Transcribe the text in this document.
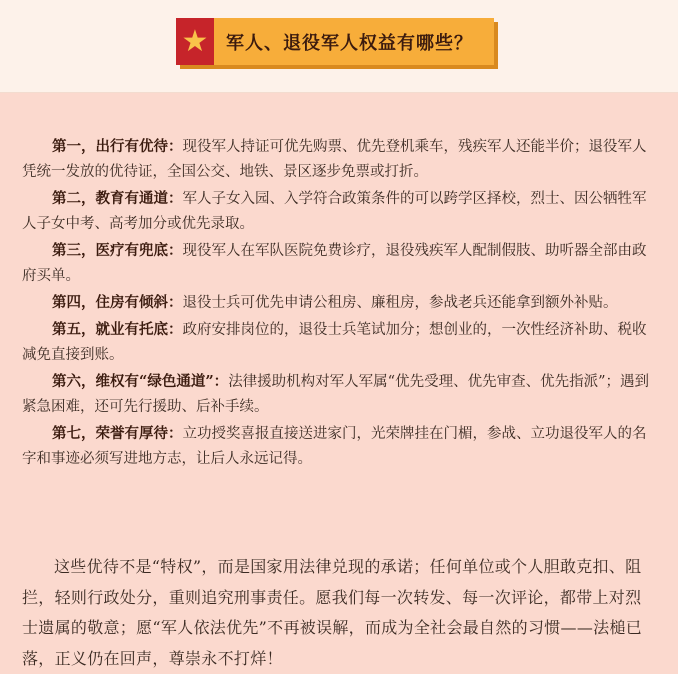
★ 军人、退役军人权益有哪些？

第一，出行有优待：现役军人持证可优先购票、优先登机乘车，残疾军人还能半价；退役军人凭统一发放的优待证，全国公交、地铁、景区逐步免票或打折。

第二，教育有通道：军人子女入园、入学符合政策条件的可以跨学区择校，烈士、因公牺牲军人子女中考、高考加分或优先录取。

第三，医疗有兜底：现役军人在军队医院免费诊疗，退役残疾军人配制假肢、助听器全部由政府买单。

第四，住房有倾斜：退役士兵可优先申请公租房、廉租房，参战老兵还能拿到额外补贴。

第五，就业有托底：政府安排岗位的，退役士兵笔试加分；想创业的，一次性经济补助、税收减免直接到账。

第六，维权有“绿色通道”：法律援助机构对军人军属“优先受理、优先审查、优先指派”；遇到紧急困难，还可先行援助、后补手续。

第七，荣誉有厚待：立功授奖喜报直接送进家门，光荣牌挂在门楣，参战、立功退役军人的名字和事迹必须写进地方志，让后人永远记得。

这些优待不是“特权”，而是国家用法律兑现的承诺；任何单位或个人胆敢克扣、阻拦，轻则行政处分，重则追究刑事责任。愿我们每一次转发、每一次评论，都带上对烈士遗属的敬意；愿“军人依法优先”不再被误解，而成为全社会最自然的习惯——法槌已落，正义仍在回声，尊崇永不打烊！
